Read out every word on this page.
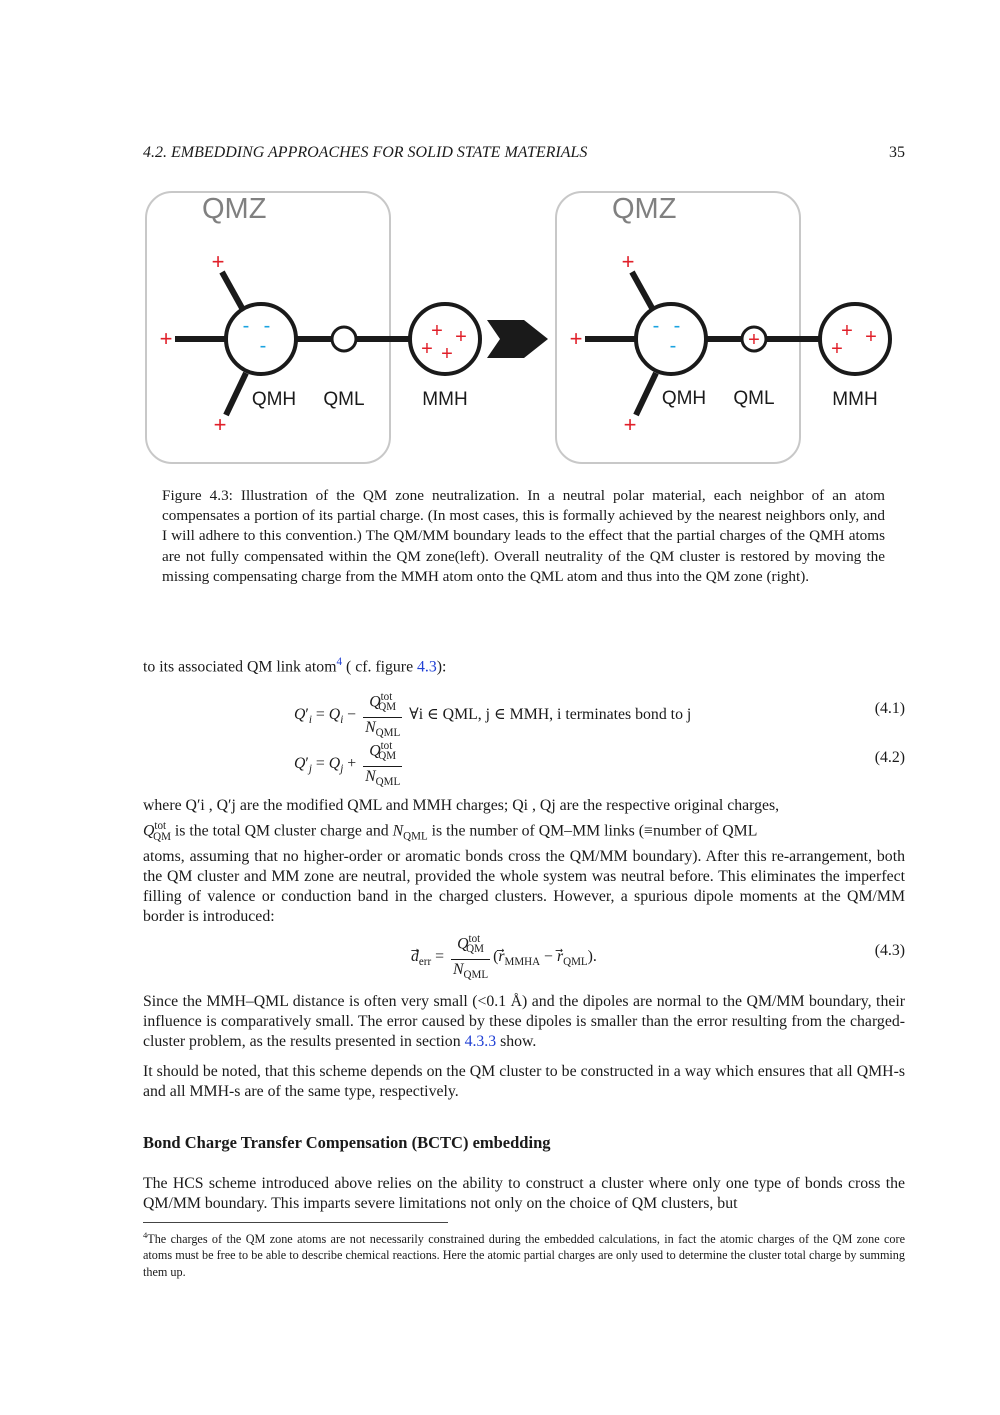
4.2. EMBEDDING APPROACHES FOR SOLID STATE MATERIALS	35
QMZ
+
+
+
- -
-
+ +
+ +
QMH QML	MMH
QMZ
+
+
+
- -
-	+	+ +
+
QMH QML	MMH
Figure 4.3: Illustration of the QM zone neutralization. In a neutral polar material, each neighbor of an atom compensates a portion of its partial charge. (In most cases, this is formally achieved by the nearest neighbors only, and I will adhere to this convention.) The QM/MM boundary leads to the effect that the partial charges of the QMH atoms are not fully compensated within the QM zone(left). Overall neutrality of the QM cluster is restored by moving the missing compensating charge from the MMH atom onto the QML atom and thus into the QM zone (right).
to its associated QM link atom$^4$ ( cf. figure 4.3):
$Q'_i = Q_i - \frac{Q^{tot}_{QM}}{N_{QML}}$ ∀i ∈ QML, j ∈ MMH, i terminates bond to j	(4.1)
$Q'_j = Q_j + \frac{Q^{tot}_{QM}}{N_{QML}}$	(4.2)
where Q′i , Q′j are the modified QML and MMH charges; Qi , Qj are the respective original charges,
$Q^{tot}_{QM}$ is the total QM cluster charge and $N_{QML}$ is the number of QM–MM links (≡number of QML
atoms, assuming that no higher-order or aromatic bonds cross the QM/MM boundary). After this re-arrangement, both the QM cluster and MM zone are neutral, provided the whole system was neutral before. This eliminates the imperfect filling of valence or conduction band in the charged clusters. However, a spurious dipole moments at the QM/MM border is introduced:
$d_{err} = \frac{Q^{tot}_{QM}}{N_{QML}} (r_{MMHA} - r_{QML})$.	(4.3)
Since the MMH–QML distance is often very small (<0.1 Å) and the dipoles are normal to the QM/MM boundary, their influence is comparatively small. The error caused by these dipoles is smaller than the error resulting from the charged-cluster problem, as the results presented in section 4.3.3 show.
It should be noted, that this scheme depends on the QM cluster to be constructed in a way which ensures that all QMH-s and all MMH-s are of the same type, respectively.
Bond Charge Transfer Compensation (BCTC) embedding
The HCS scheme introduced above relies on the ability to construct a cluster where only one type of bonds cross the QM/MM boundary. This imparts severe limitations not only on the choice of QM clusters, but
$^4$The charges of the QM zone atoms are not necessarily constrained during the embedded calculations, in fact the atomic charges of the QM zone core atoms must be free to be able to describe chemical reactions. Here the atomic partial charges are only used to determine the cluster total charge by summing them up.
